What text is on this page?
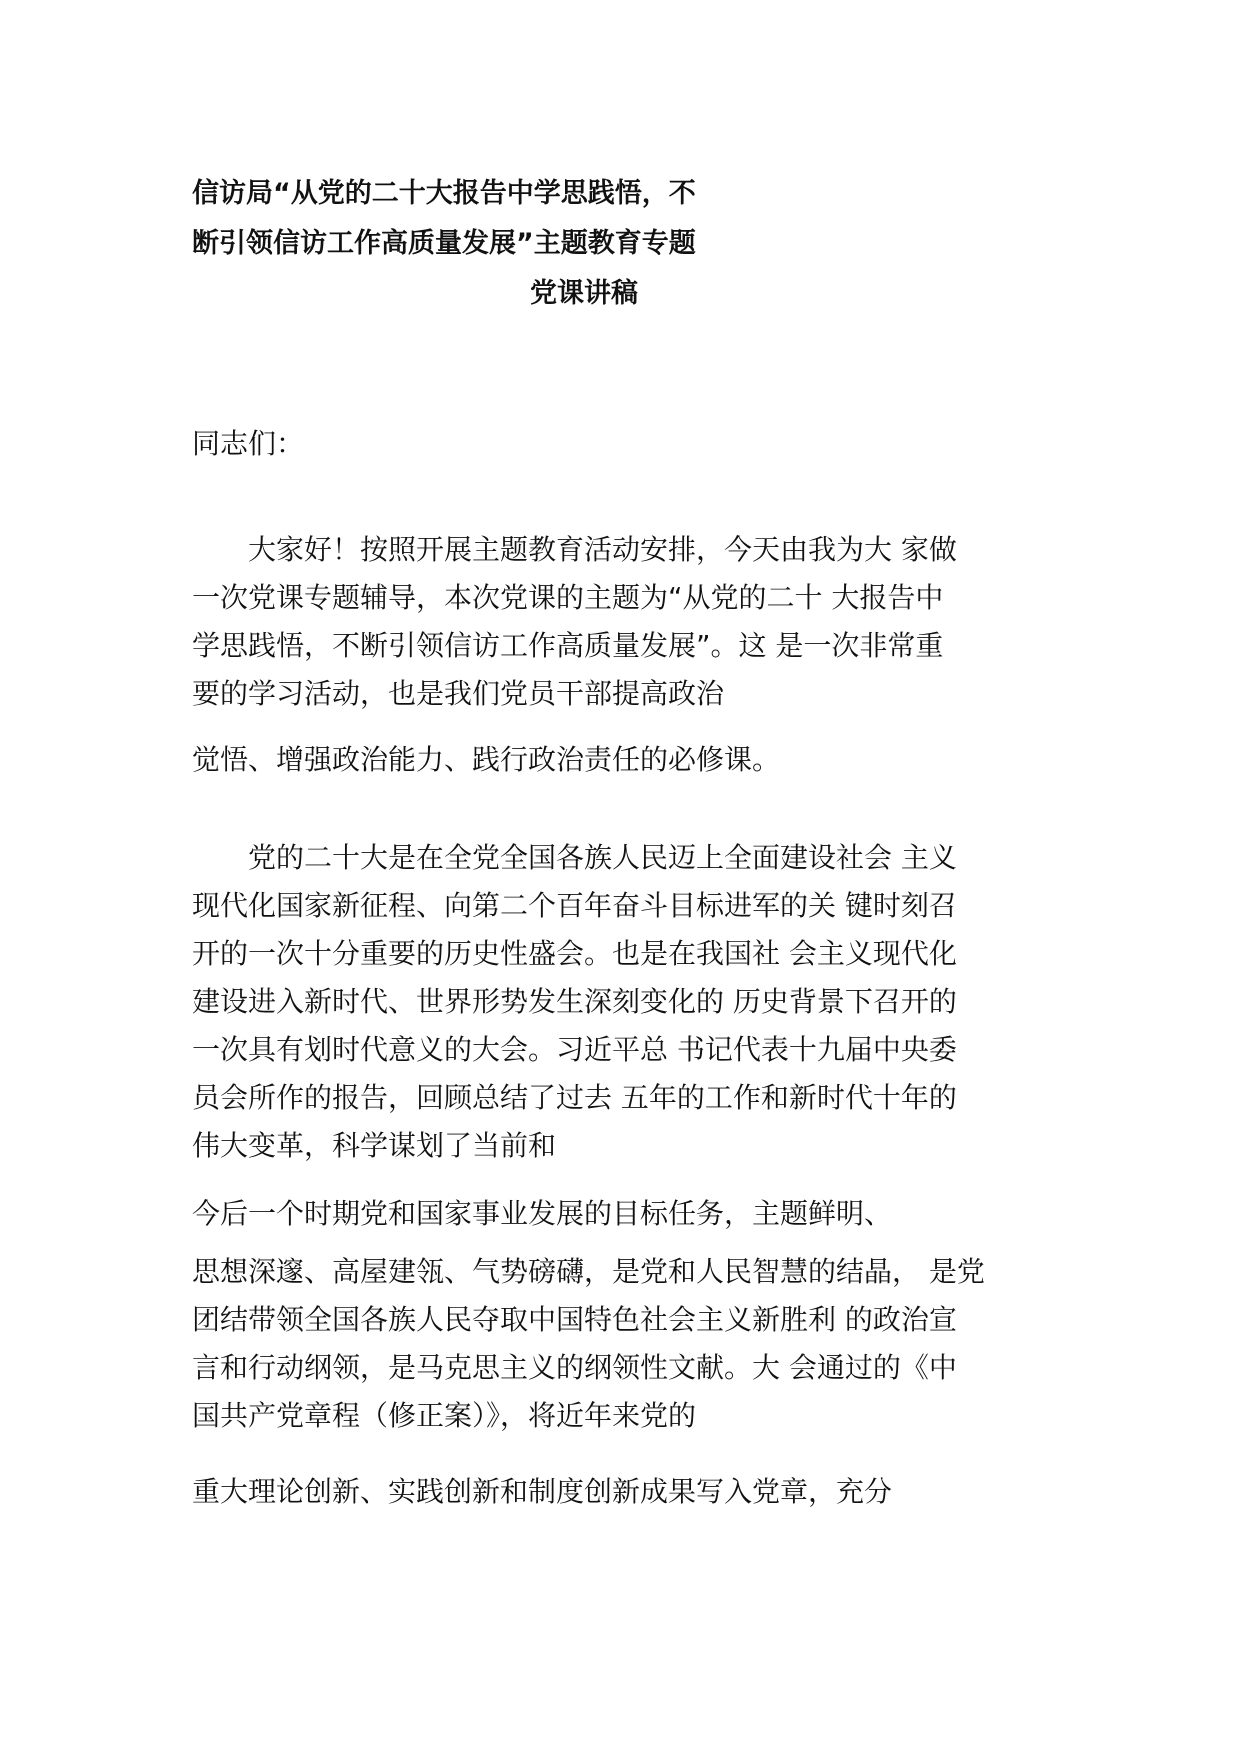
信访局“从党的二十大报告中学思践悟，不
断引领信访工作高质量发展”主题教育专题
党课讲稿
同志们：
　　大家好！按照开展主题教育活动安排，今天由我为大 家做
一次党课专题辅导，本次党课的主题为“从党的二十 大报告中
学思践悟，不断引领信访工作高质量发展”。这 是一次非常重
要的学习活动，也是我们党员干部提高政治
觉悟、增强政治能力、践行政治责任的必修课。
　　党的二十大是在全党全国各族人民迈上全面建设社会 主义
现代化国家新征程、向第二个百年奋斗目标进军的关 键时刻召
开的一次十分重要的历史性盛会。也是在我国社 会主义现代化
建设进入新时代、世界形势发生深刻变化的 历史背景下召开的
一次具有划时代意义的大会。习近平总 书记代表十九届中央委
员会所作的报告，回顾总结了过去 五年的工作和新时代十年的
伟大变革，科学谋划了当前和
今后一个时期党和国家事业发展的目标任务，主题鲜明、
思想深邃、高屋建瓴、气势磅礴，是党和人民智慧的结晶， 是党
团结带领全国各族人民夺取中国特色社会主义新胜利 的政治宣
言和行动纲领，是马克思主义的纲领性文献。大 会通过的《中
国共产党章程（修正案）》，将近年来党的
重大理论创新、实践创新和制度创新成果写入党章，充分
